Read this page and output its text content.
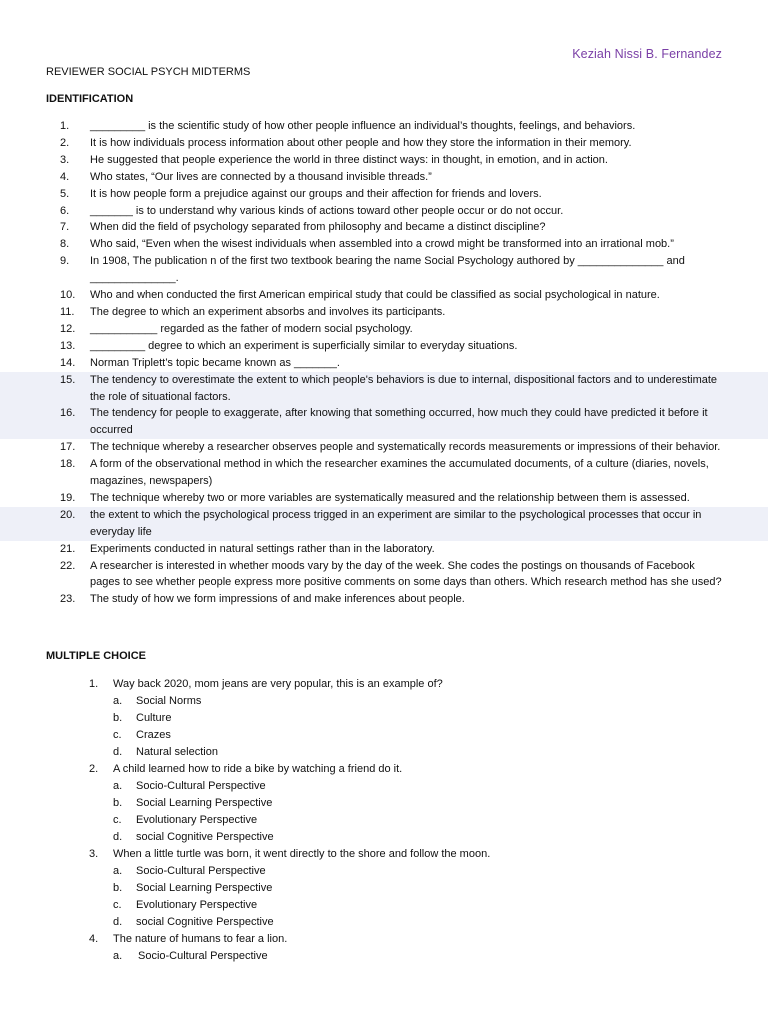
Keziah Nissi B. Fernandez
REVIEWER SOCIAL PSYCH MIDTERMS
IDENTIFICATION
1.	_________ is the scientific study of how other people influence an individual’s thoughts, feelings, and behaviors.
2.	It is how individuals process information about other people and how they store the information in their memory.
3.	He suggested that people experience the world in three distinct ways: in thought, in emotion, and in action.
4.	Who states, “Our lives are connected by a thousand invisible threads.”
5.	It is how people form a prejudice against our groups and their affection for friends and lovers.
6.	_______ is to understand why various kinds of actions toward other people occur or do not occur.
7.	When did the field of psychology separated from philosophy and became a distinct discipline?
8.	Who said, “Even when the wisest individuals when assembled into a crowd might be transformed into an irrational mob.”
9.	In 1908, The publication n of the first two textbook bearing the name Social Psychology authored by ______________ and ______________.
10.	Who and when conducted the first American empirical study that could be classified as social psychological in nature.
11.	The degree to which an experiment absorbs and involves its participants.
12.	___________ regarded as the father of modern social psychology.
13.	_________ degree to which an experiment is superficially similar to everyday situations.
14.	Norman Triplett’s topic became known as _______.
15.	The tendency to overestimate the extent to which people's behaviors is due to internal, dispositional factors and to underestimate the role of situational factors.
16.	The tendency for people to exaggerate, after knowing that something occurred, how much they could have predicted it before it occurred
17.	The technique whereby a researcher observes people and systematically records measurements or impressions of their behavior.
18.	A form of the observational method in which the researcher examines the accumulated documents, of a culture (diaries, novels, magazines, newspapers)
19.	The technique whereby two or more variables are systematically measured and the relationship between them is assessed.
20.	the extent to which the psychological process trigged in an experiment are similar to the psychological processes that occur in everyday life
21.	Experiments conducted in natural settings rather than in the laboratory.
22.	A researcher is interested in whether moods vary by the day of the week. She codes the postings on thousands of Facebook pages to see whether people express more positive comments on some days than others. Which research method has she used?
23.	The study of how we form impressions of and make inferences about people.
MULTIPLE CHOICE
1. Way back 2020, mom jeans are very popular, this is an example of?
a. Social Norms
b. Culture
c. Crazes
d. Natural selection
2. A child learned how to ride a bike by watching a friend do it.
a. Socio-Cultural Perspective
b. Social Learning Perspective
c. Evolutionary Perspective
d. social Cognitive Perspective
3. When a little turtle was born, it went directly to the shore and follow the moon.
a. Socio-Cultural Perspective
b. Social Learning Perspective
c. Evolutionary Perspective
d. social Cognitive Perspective
4. The nature of humans to fear a lion.
a. Socio-Cultural Perspective
